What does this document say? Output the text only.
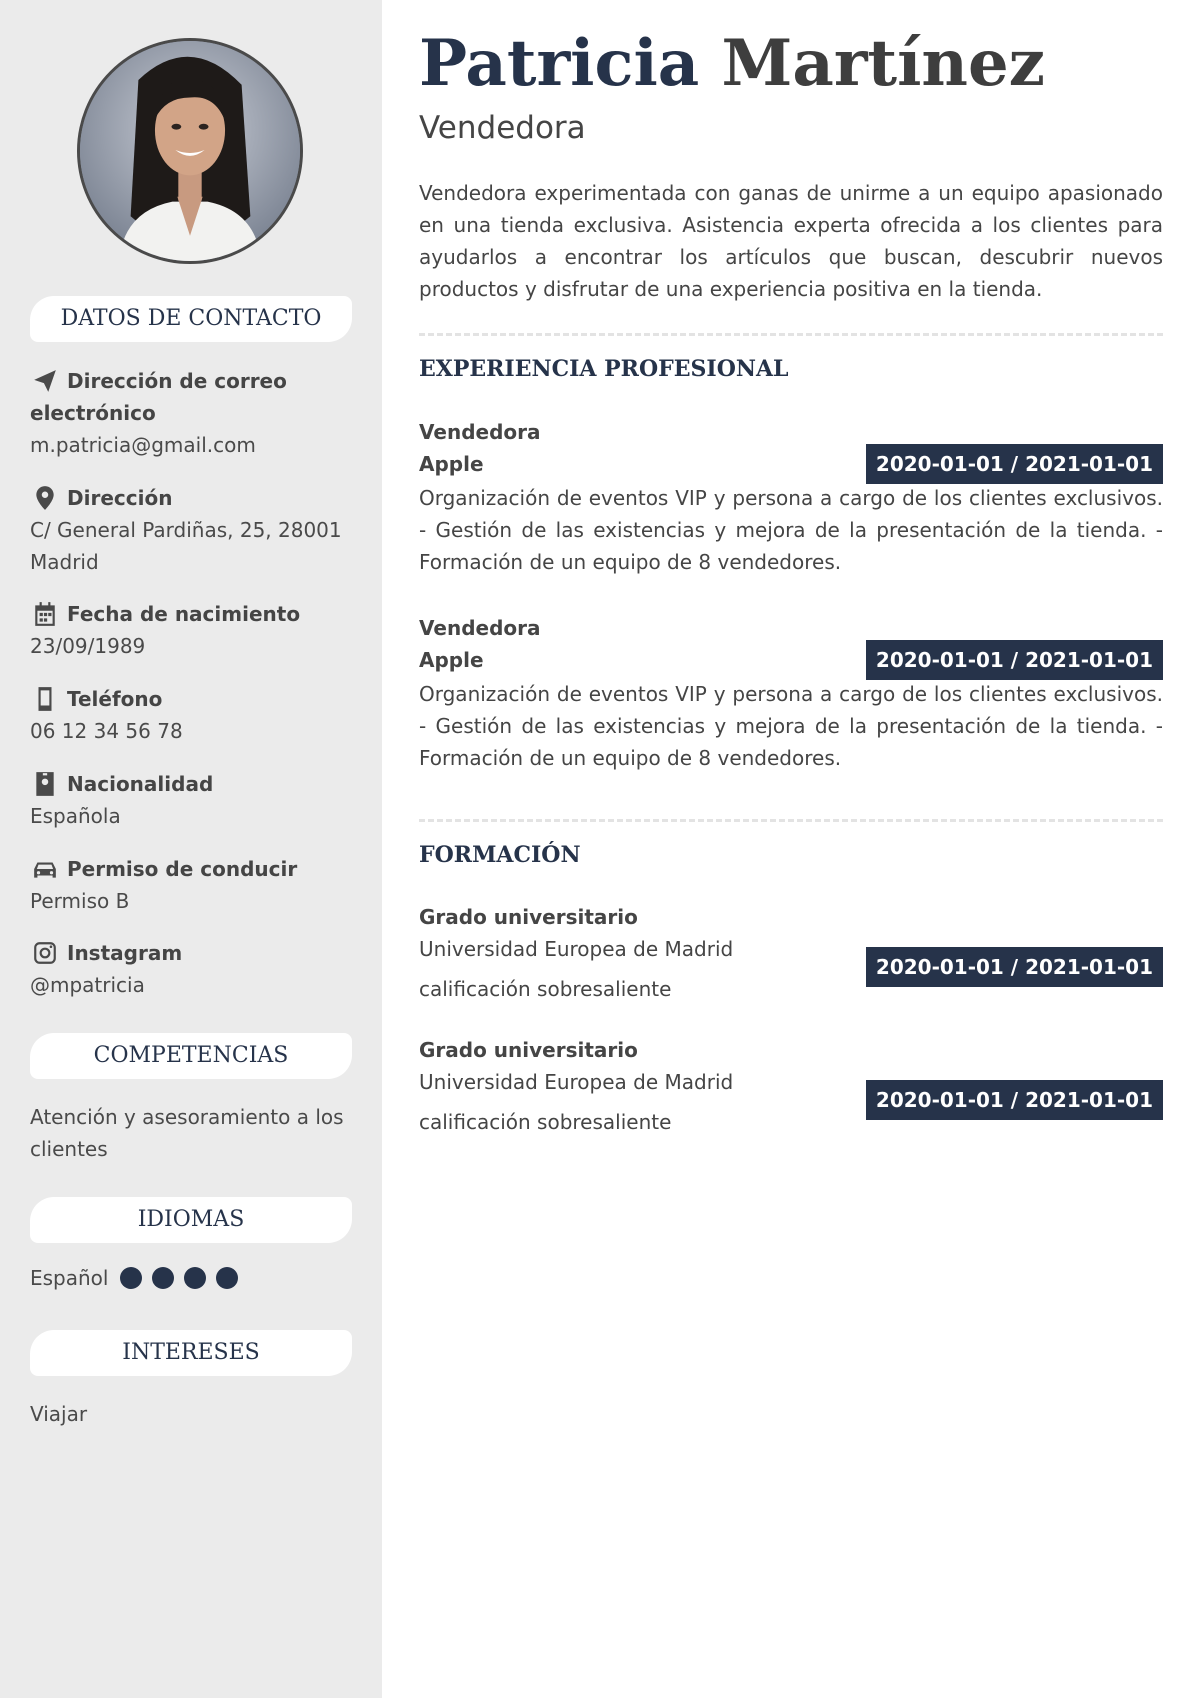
DATOS DE CONTACTO
Dirección de correo
electrónico
m.patricia@gmail.com
Dirección
C/ General Pardiñas, 25, 28001
Madrid
Fecha de nacimiento
23/09/1989
Teléfono
06 12 34 56 78
Nacionalidad
Española
Permiso de conducir
Permiso B
Instagram
@mpatricia
COMPETENCIAS
Atención y asesoramiento a los
clientes
IDIOMAS
Español
INTERESES
Viajar
Patricia Martínez
Vendedora

Vendedora experimentada con ganas de unirme a un equipo apasionado en una tienda exclusiva. Asistencia experta ofrecida a los clientes para ayudarlos a encontrar los artículos que buscan, descubrir nuevos productos y disfrutar de una experiencia positiva en la tienda.

EXPERIENCIA PROFESIONAL
Vendedora
Apple	2020-01-01 / 2021-01-01
Organización de eventos VIP y persona a cargo de los clientes exclusivos. - Gestión de las existencias y mejora de la presentación de la tienda. - Formación de un equipo de 8 vendedores.
Vendedora
Apple	2020-01-01 / 2021-01-01
Organización de eventos VIP y persona a cargo de los clientes exclusivos. - Gestión de las existencias y mejora de la presentación de la tienda. - Formación de un equipo de 8 vendedores.
FORMACIÓN
Grado universitario
Universidad Europea de Madrid
2020-01-01 / 2021-01-01
calificación sobresaliente
Grado universitario
Universidad Europea de Madrid
2020-01-01 / 2021-01-01
calificación sobresaliente
